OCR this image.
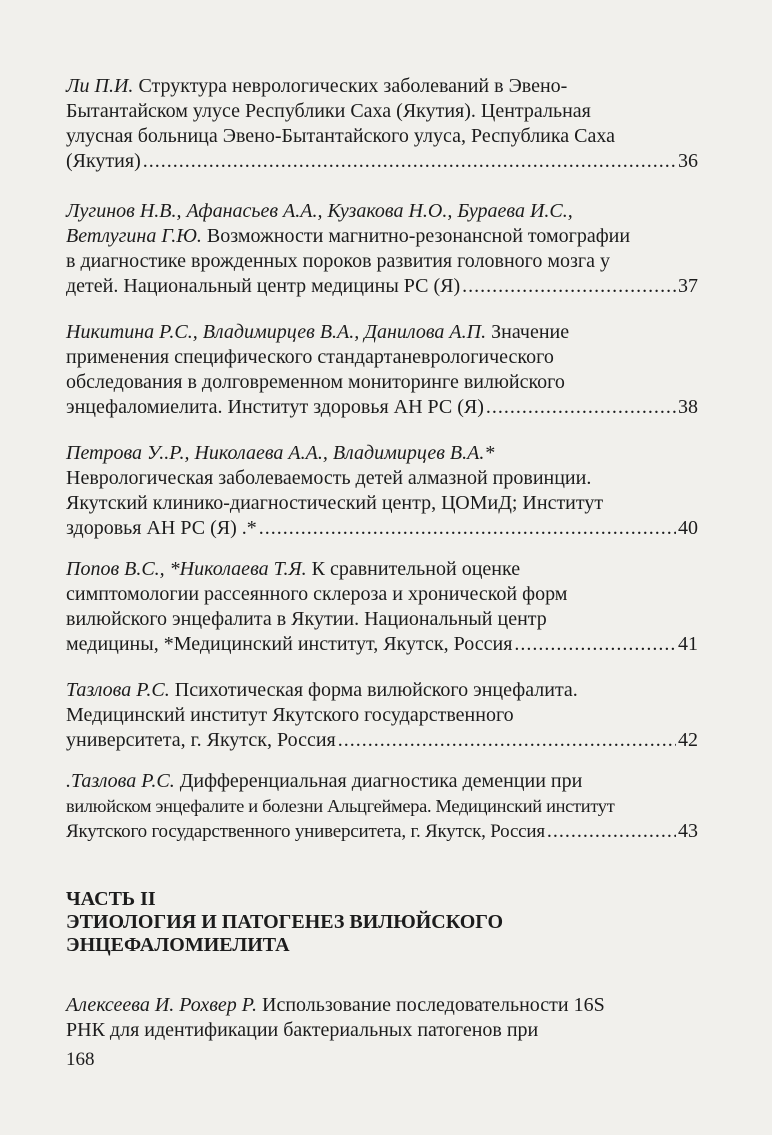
Ли П.И. Структура неврологических заболеваний в Эвено-
Бытантайском улусе Республики Саха (Якутия). Центральная
улусная больница Эвено-Бытантайского улуса, Республика Саха
(Якутия) .....	36
Лугинов Н.В., Афанасьев А.А., Кузакова Н.О., Бураева И.С.,
Ветлугина Г.Ю. Возможности магнитно-резонансной томографии
в диагностике врожденных пороков развития головного мозга у
детей. Национальный центр медицины РС (Я) .....	37
Никитина Р.С., Владимирцев В.А., Данилова А.П. Значение
применения специфического стандартаневрологического
обследования в долговременном мониторинге вилюйского
энцефаломиелита. Институт здоровья АН РС (Я) .....	38
Петрова У..Р., Николаева А.А., Владимирцев В.А.*
Неврологическая заболеваемость детей алмазной провинции.
Якутский клинико-диагностический центр, ЦОМиД; Институт
здоровья АН РС (Я) .* .....	40
Попов В.С., *Николаева Т.Я. К сравнительной оценке
симптомологии рассеянного склероза и хронической форм
вилюйского энцефалита в Якутии. Национальный центр
медицины, *Медицинский институт, Якутск, Россия .....	41
Тазлова Р.С. Психотическая форма вилюйского энцефалита.
Медицинский институт Якутского государственного
университета, г. Якутск, Россия .....	42
.Тазлова Р.С. Дифференциальная диагностика деменции при
вилюйском энцефалите и болезни Альцгеймера. Медицинский институт
Якутского государственного университета, г. Якутск, Россия .....	43
ЧАСТЬ II
ЭТИОЛОГИЯ И ПАТОГЕНЕЗ ВИЛЮЙСКОГО
ЭНЦЕФАЛОМИЕЛИТА
Алексеева И. Рохвер Р. Использование последовательности 16S
РНК для идентификации бактериальных патогенов при
168
